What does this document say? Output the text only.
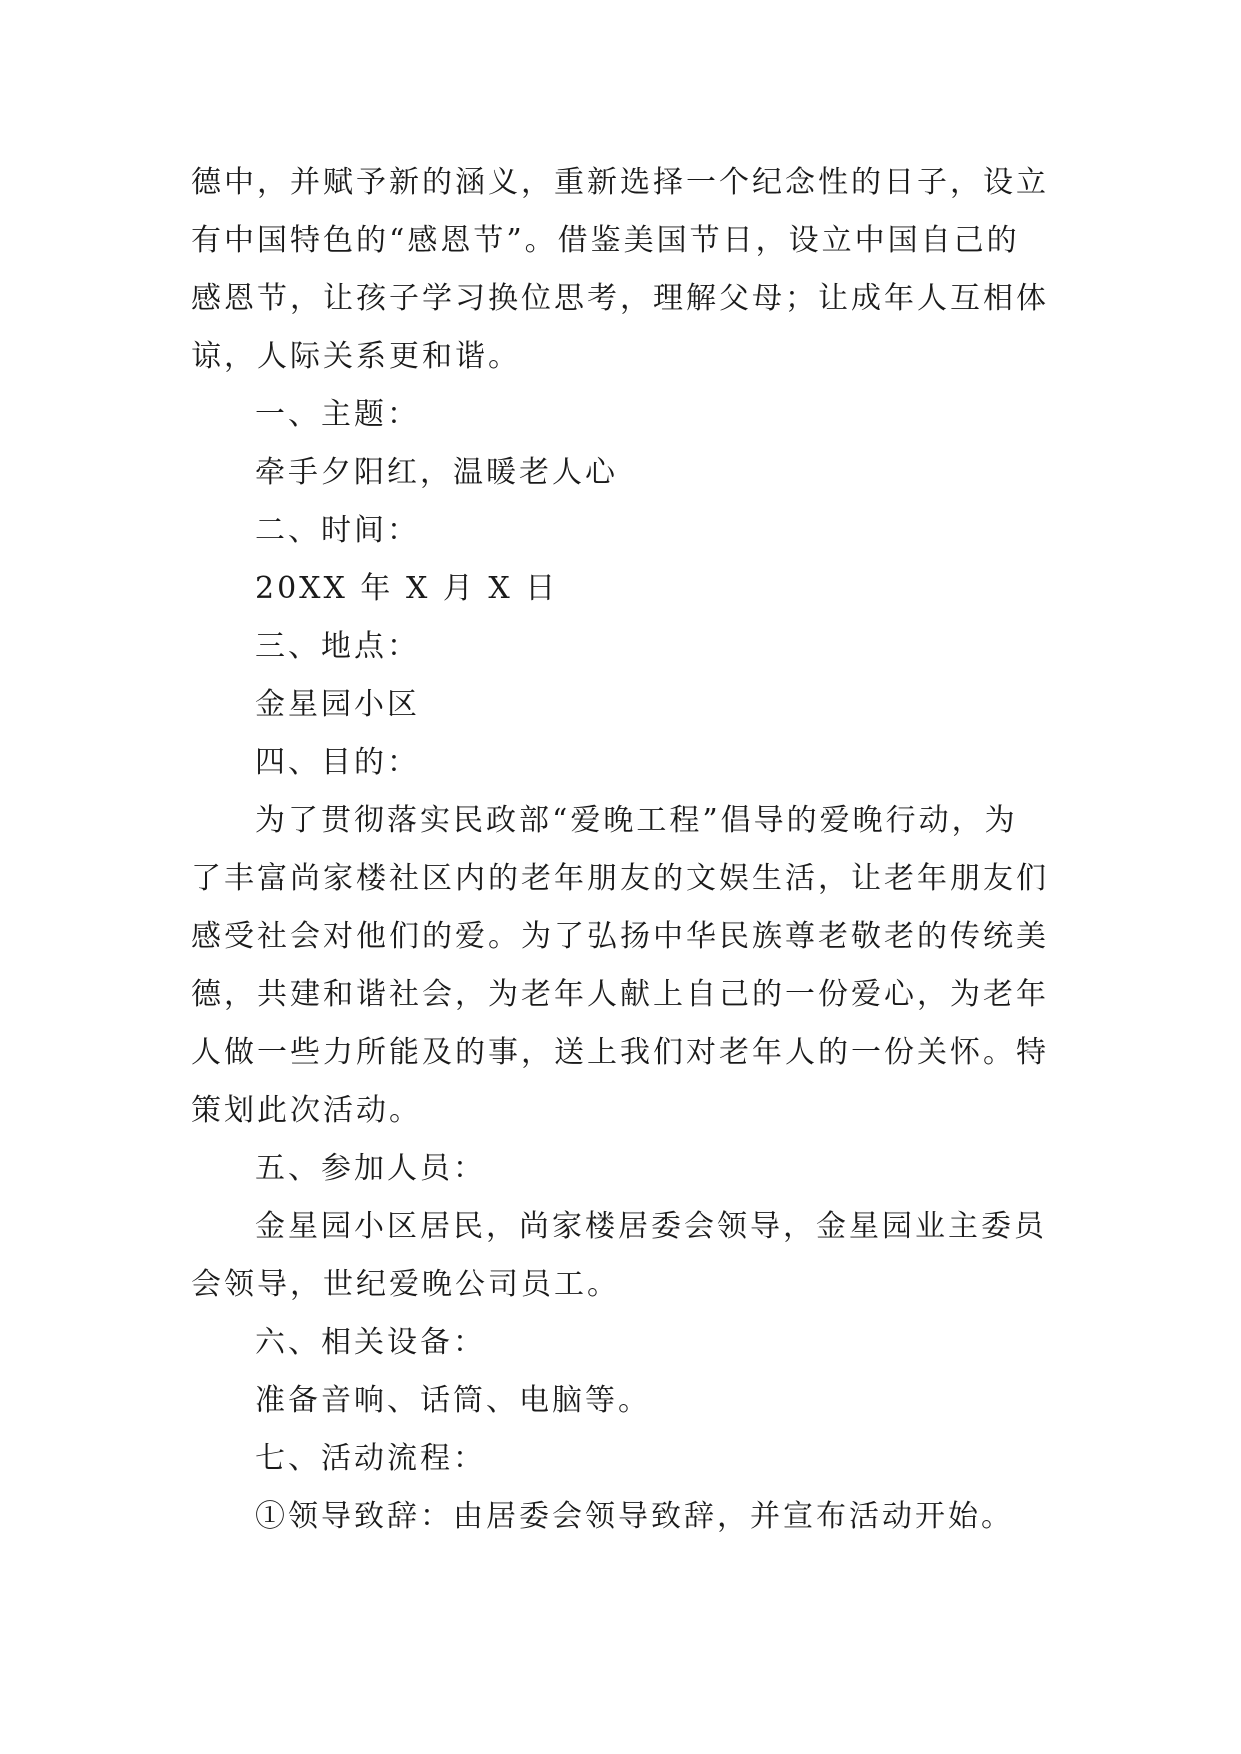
德中，并赋予新的涵义，重新选择一个纪念性的日子，设立
有中国特色的“感恩节”。借鉴美国节日，设立中国自己的
感恩节，让孩子学习换位思考，理解父母；让成年人互相体
谅，人际关系更和谐。

一、主题：

牵手夕阳红，温暖老人心

二、时间：

20XX 年 X 月 X 日

三、地点：

金星园小区

四、目的：

为了贯彻落实民政部“爱晚工程”倡导的爱晚行动，为
了丰富尚家楼社区内的老年朋友的文娱生活，让老年朋友们
感受社会对他们的爱。为了弘扬中华民族尊老敬老的传统美
德，共建和谐社会，为老年人献上自己的一份爱心，为老年
人做一些力所能及的事，送上我们对老年人的一份关怀。特
策划此次活动。

五、参加人员：

金星园小区居民，尚家楼居委会领导，金星园业主委员
会领导，世纪爱晚公司员工。

六、相关设备：

准备音响、话筒、电脑等。

七、活动流程：

①领导致辞：由居委会领导致辞，并宣布活动开始。
